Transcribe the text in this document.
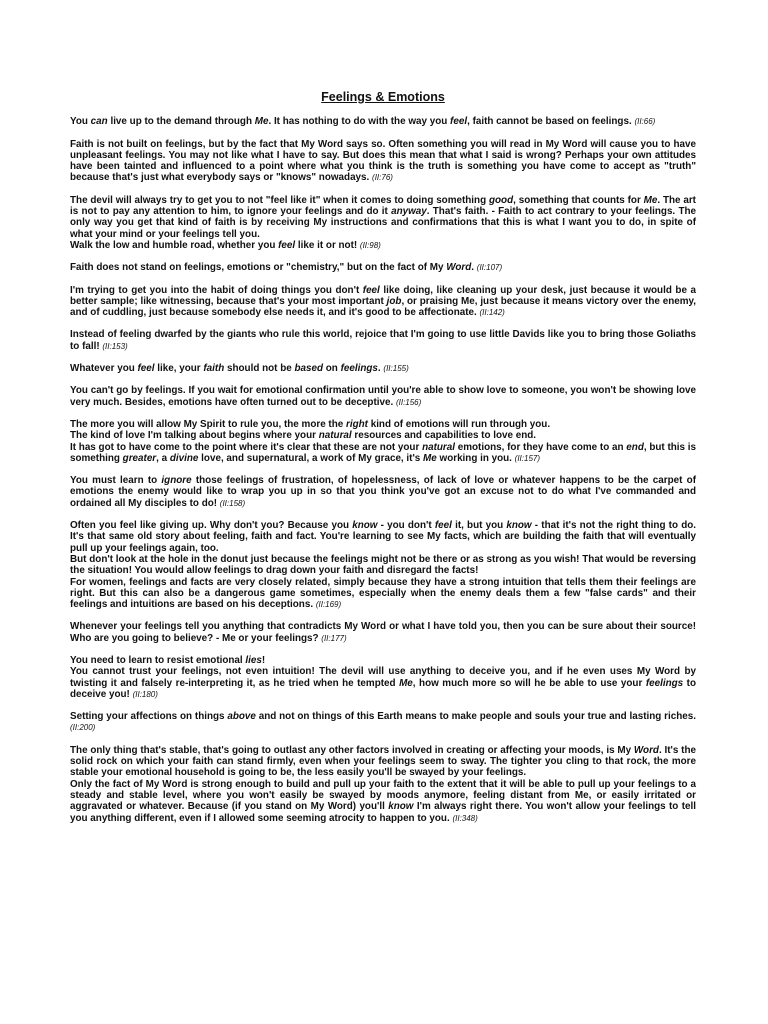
Feelings & Emotions
You can live up to the demand through Me. It has nothing to do with the way you feel, faith cannot be based on feelings. (II:66)
Faith is not built on feelings, but by the fact that My Word says so. Often something you will read in My Word will cause you to have unpleasant feelings. You may not like what I have to say. But does this mean that what I said is wrong? Perhaps your own attitudes have been tainted and influenced to a point where what you think is the truth is something you have come to accept as "truth" because that's just what everybody says or "knows" nowadays. (II:76)
The devil will always try to get you to not "feel like it" when it comes to doing something good, something that counts for Me. The art is not to pay any attention to him, to ignore your feelings and do it anyway. That's faith. - Faith to act contrary to your feelings. The only way you get that kind of faith is by receiving My instructions and confirmations that this is what I want you to do, in spite of what your mind or your feelings tell you.
Walk the low and humble road, whether you feel like it or not! (II:98)
Faith does not stand on feelings, emotions or "chemistry," but on the fact of My Word. (II:107)
I'm trying to get you into the habit of doing things you don't feel like doing, like cleaning up your desk, just because it would be a better sample; like witnessing, because that's your most important job, or praising Me, just because it means victory over the enemy, and of cuddling, just because somebody else needs it, and it's good to be affectionate. (II:142)
Instead of feeling dwarfed by the giants who rule this world, rejoice that I'm going to use little Davids like you to bring those Goliaths to fall! (II:153)
Whatever you feel like, your faith should not be based on feelings. (II:155)
You can't go by feelings. If you wait for emotional confirmation until you're able to show love to someone, you won't be showing love very much. Besides, emotions have often turned out to be deceptive. (II:156)
The more you will allow My Spirit to rule you, the more the right kind of emotions will run through you.
The kind of love I'm talking about begins where your natural resources and capabilities to love end.
It has got to have come to the point where it's clear that these are not your natural emotions, for they have come to an end, but this is something greater, a divine love, and supernatural, a work of My grace, it's Me working in you. (II:157)
You must learn to ignore those feelings of frustration, of hopelessness, of lack of love or whatever happens to be the carpet of emotions the enemy would like to wrap you up in so that you think you've got an excuse not to do what I've commanded and ordained all My disciples to do! (II:158)
Often you feel like giving up. Why don't you? Because you know - you don't feel it, but you know - that it's not the right thing to do. It's that same old story about feeling, faith and fact. You're learning to see My facts, which are building the faith that will eventually pull up your feelings again, too.
But don't look at the hole in the donut just because the feelings might not be there or as strong as you wish! That would be reversing the situation! You would allow feelings to drag down your faith and disregard the facts!
For women, feelings and facts are very closely related, simply because they have a strong intuition that tells them their feelings are right. But this can also be a dangerous game sometimes, especially when the enemy deals them a few "false cards" and their feelings and intuitions are based on his deceptions. (II:169)
Whenever your feelings tell you anything that contradicts My Word or what I have told you, then you can be sure about their source! Who are you going to believe? - Me or your feelings? (II:177)
You need to learn to resist emotional lies!
You cannot trust your feelings, not even intuition! The devil will use anything to deceive you, and if he even uses My Word by twisting it and falsely re-interpreting it, as he tried when he tempted Me, how much more so will he be able to use your feelings to deceive you! (II:180)
Setting your affections on things above and not on things of this Earth means to make people and souls your true and lasting riches. (II:200)
The only thing that's stable, that's going to outlast any other factors involved in creating or affecting your moods, is My Word. It's the solid rock on which your faith can stand firmly, even when your feelings seem to sway. The tighter you cling to that rock, the more stable your emotional household is going to be, the less easily you'll be swayed by your feelings.
Only the fact of My Word is strong enough to build and pull up your faith to the extent that it will be able to pull up your feelings to a steady and stable level, where you won't easily be swayed by moods anymore, feeling distant from Me, or easily irritated or aggravated or whatever. Because (if you stand on My Word) you'll know I'm always right there. You won't allow your feelings to tell you anything different, even if I allowed some seeming atrocity to happen to you. (II:348)
